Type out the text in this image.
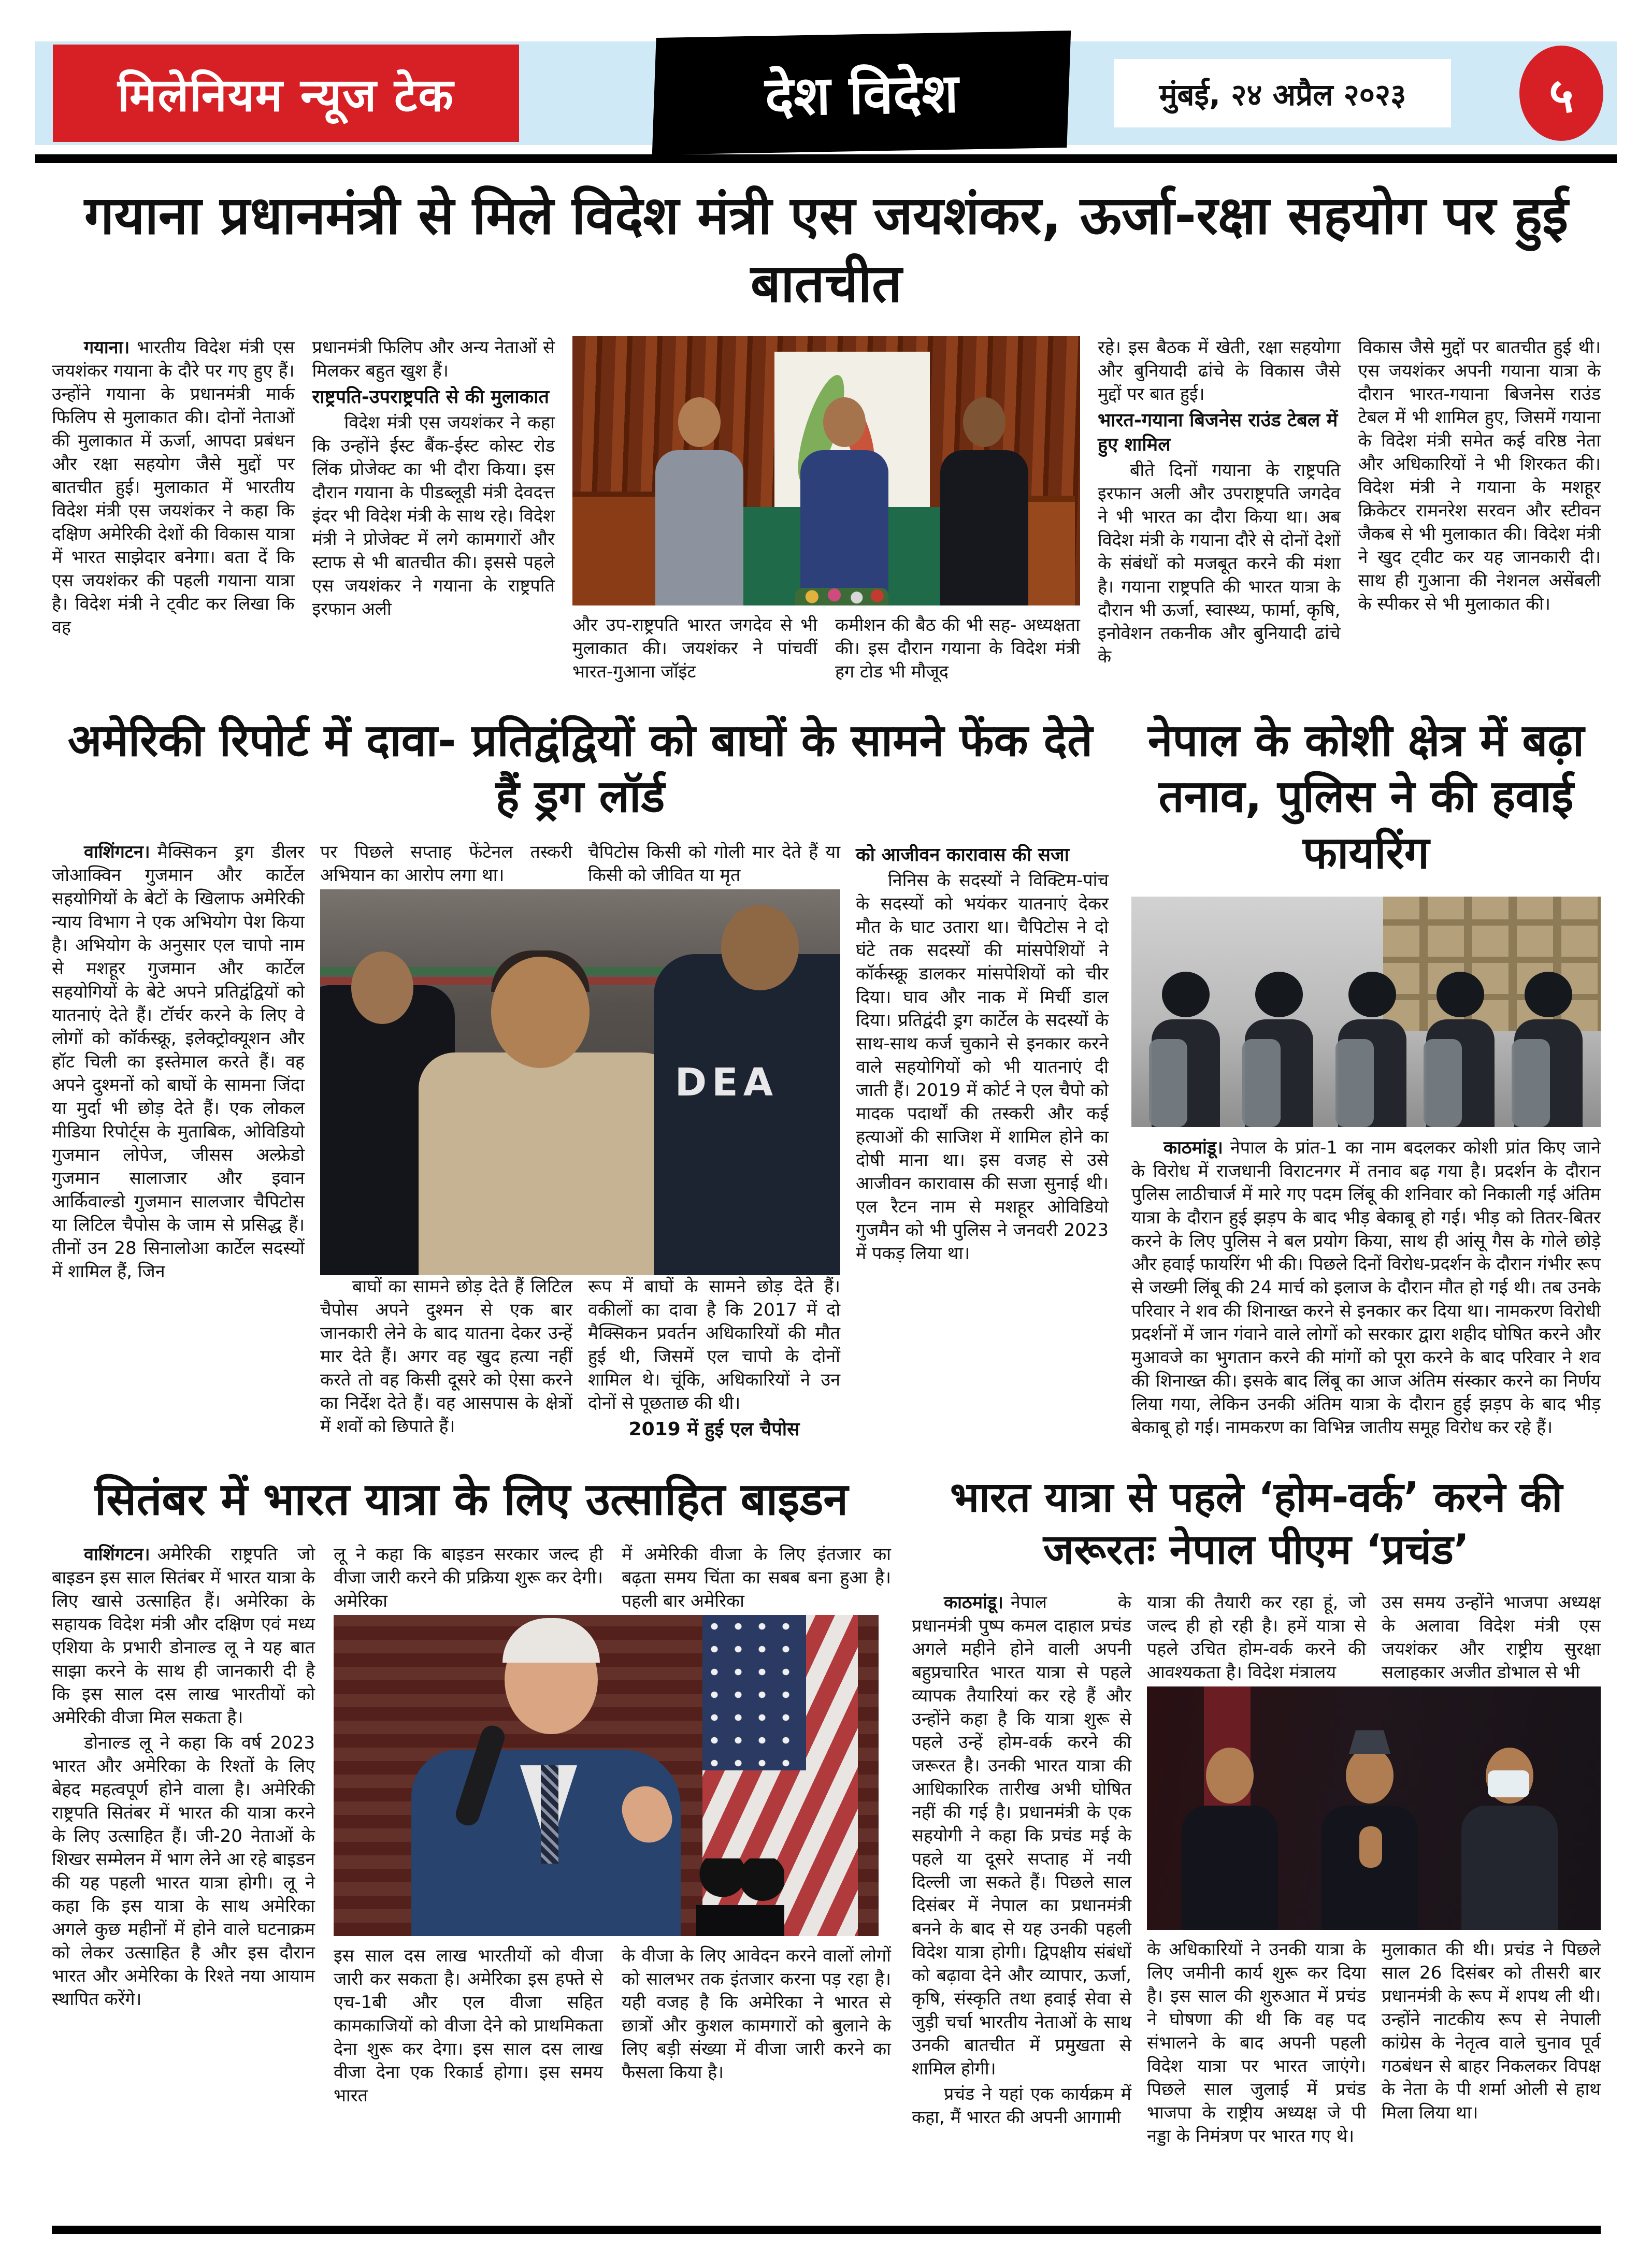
मिलेनियम न्यूज टेक	देश विदेश	मुंबई, २४ अप्रैल २०२३	५
गयाना प्रधानमंत्री से मिले विदेश मंत्री एस जयशंकर, ऊर्जा-रक्षा सहयोग पर हुई बातचीत

गयाना। भारतीय विदेश मंत्री एस जयशंकर गयाना के दौरे पर गए हुए हैं। उन्होंने गयाना के प्रधानमंत्री मार्क फिलिप से मुलाकात की। दोनों नेताओं की मुलाकात में ऊर्जा, आपदा प्रबंधन और रक्षा सहयोग जैसे मुद्दों पर बातचीत हुई। मुलाकात में भारतीय विदेश मंत्री एस जयशंकर ने कहा कि दक्षिण अमेरिकी देशों की विकास यात्रा में भारत साझेदार बनेगा। बता दें कि एस जयशंकर की पहली गयाना यात्रा है। विदेश मंत्री ने ट्वीट कर लिखा कि वह

प्रधानमंत्री फिलिप और अन्य नेताओं से मिलकर बहुत खुश हैं।

राष्ट्रपति-उपराष्ट्रपति से की मुलाकात

विदेश मंत्री एस जयशंकर ने कहा कि उन्होंने ईस्ट बैंक-ईस्ट कोस्ट रोड लिंक प्रोजेक्ट का भी दौरा किया। इस दौरान गयाना के पीडब्लूडी मंत्री देवदत्त इंदर भी विदेश मंत्री के साथ रहे। विदेश मंत्री ने प्रोजेक्ट में लगे कामगारों और स्टाफ से भी बातचीत की। इससे पहले एस जयशंकर ने गयाना के राष्ट्रपति इरफान अली

और उप-राष्ट्रपति भारत जगदेव से भी मुलाकात की। जयशंकर ने पांचवीं भारत-गुआना जॉइंट

कमीशन की बैठ की भी सह- अध्यक्षता की। इस दौरान गयाना के विदेश मंत्री हग टोड भी मौजूद

रहे। इस बैठक में खेती, रक्षा सहयोगा और बुनियादी ढांचे के विकास जैसे मुद्दों पर बात हुई।

भारत-गयाना बिजनेस राउंड टेबल में हुए शामिल

बीते दिनों गयाना के राष्ट्रपति इरफान अली और उपराष्ट्रपति जगदेव ने भी भारत का दौरा किया था। अब विदेश मंत्री के गयाना दौरे से दोनों देशों के संबंधों को मजबूत करने की मंशा है। गयाना राष्ट्रपति की भारत यात्रा के दौरान भी ऊर्जा, स्वास्थ्य, फार्मा, कृषि, इनोवेशन तकनीक और बुनियादी ढांचे के

विकास जैसे मुद्दों पर बातचीत हुई थी। एस जयशंकर अपनी गयाना यात्रा के दौरान भारत-गयाना बिजनेस राउंड टेबल में भी शामिल हुए, जिसमें गयाना के विदेश मंत्री समेत कई वरिष्ठ नेता और अधिकारियों ने भी शिरकत की। विदेश मंत्री ने गयाना के मशहूर क्रिकेटर रामनरेश सरवन और स्टीवन जैकब से भी मुलाकात की। विदेश मंत्री ने खुद ट्वीट कर यह जानकारी दी। साथ ही गुआना की नेशनल असेंबली के स्पीकर से भी मुलाकात की।

अमेरिकी रिपोर्ट में दावा- प्रतिद्वंद्वियों को बाघों के सामने फेंक देते हैं ड्रग लॉर्ड

वाशिंगटन। मैक्सिकन ड्रग डीलर जोआक्विन गुजमान और कार्टेल सहयोगियों के बेटों के खिलाफ अमेरिकी न्याय विभाग ने एक अभियोग पेश किया है। अभियोग के अनुसार एल चापो नाम से मशहूर गुजमान और कार्टेल सहयोगियों के बेटे अपने प्रतिद्वंद्वियों को यातनाएं देते हैं। टॉर्चर करने के लिए वे लोगों को कॉर्कस्क्रू, इलेक्ट्रोक्यूशन और हॉट चिली का इस्तेमाल करते हैं। वह अपने दुश्मनों को बाघों के सामना जिंदा या मुर्दा भी छोड़ देते हैं। एक लोकल मीडिया रिपोर्ट्स के मुताबिक, ओविडियो गुजमान लोपेज, जीसस अल्फ्रेडो गुजमान सालाजार और इवान आर्किवाल्डो गुजमान सालजार चैपिटोस या लिटिल चैपोस के जाम से प्रसिद्ध हैं। तीनों उन 28 सिनालोआ कार्टेल सदस्यों में शामिल हैं, जिन

पर पिछले सप्ताह फेंटेनल तस्करी अभियान का आरोप लगा था।

चैपिटोस किसी को गोली मार देते हैं या किसी को जीवित या मृत

DEA

बाघों का सामने छोड़ देते हैं लिटिल चैपोस अपने दुश्मन से एक बार जानकारी लेने के बाद यातना देकर उन्हें मार देते हैं। अगर वह खुद हत्या नहीं करते तो वह किसी दूसरे को ऐसा करने का निर्देश देते हैं। वह आसपास के क्षेत्रों में शवों को छिपाते हैं।

रूप में बाघों के सामने छोड़ देते हैं। वकीलों का दावा है कि 2017 में दो मैक्सिकन प्रवर्तन अधिकारियों की मौत हुई थी, जिसमें एल चापो के दोनों शामिल थे। चूंकि, अधिकारियों ने उन दोनों से पूछताछ की थी।

2019 में हुई एल चैपोस
को आजीवन कारावास की सजा

निनिस के सदस्यों ने विक्टिम-पांच के सदस्यों को भयंकर यातनाएं देकर मौत के घाट उतारा था। चैपिटोस ने दो घंटे तक सदस्यों की मांसपेशियों ने कॉर्कस्क्रू डालकर मांसपेशियों को चीर दिया। घाव और नाक में मिर्ची डाल दिया। प्रतिद्वंदी ड्रग कार्टेल के सदस्यों के साथ-साथ कर्ज चुकाने से इनकार करने वाले सहयोगियों को भी यातनाएं दी जाती हैं। 2019 में कोर्ट ने एल चैपो को मादक पदार्थों की तस्करी और कई हत्याओं की साजिश में शामिल होने का दोषी माना था। इस वजह से उसे आजीवन कारावास की सजा सुनाई थी। एल रैटन नाम से मशहूर ओविडियो गुजमैन को भी पुलिस ने जनवरी 2023 में पकड़ लिया था।

नेपाल के कोशी क्षेत्र में बढ़ा तनाव, पुलिस ने की हवाई फायरिंग

काठमांडू। नेपाल के प्रांत-1 का नाम बदलकर कोशी प्रांत किए जाने के विरोध में राजधानी विराटनगर में तनाव बढ़ गया है। प्रदर्शन के दौरान पुलिस लाठीचार्ज में मारे गए पदम लिंबू की शनिवार को निकाली गई अंतिम यात्रा के दौरान हुई झड़प के बाद भीड़ बेकाबू हो गई। भीड़ को तितर-बितर करने के लिए पुलिस ने बल प्रयोग किया, साथ ही आंसू गैस के गोले छोड़े और हवाई फायरिंग भी की। पिछले दिनों विरोध-प्रदर्शन के दौरान गंभीर रूप से जख्मी लिंबू की 24 मार्च को इलाज के दौरान मौत हो गई थी। तब उनके परिवार ने शव की शिनाख्त करने से इनकार कर दिया था। नामकरण विरोधी प्रदर्शनों में जान गंवाने वाले लोगों को सरकार द्वारा शहीद घोषित करने और मुआवजे का भुगतान करने की मांगों को पूरा करने के बाद परिवार ने शव की शिनाख्त की। इसके बाद लिंबू का आज अंतिम संस्कार करने का निर्णय लिया गया, लेकिन उनकी अंतिम यात्रा के दौरान हुई झड़प के बाद भीड़ बेकाबू हो गई। नामकरण का विभिन्न जातीय समूह विरोध कर रहे हैं।

सितंबर में भारत यात्रा के लिए उत्साहित बाइडन

वाशिंगटन। अमेरिकी राष्ट्रपति जो बाइडन इस साल सितंबर में भारत यात्रा के लिए खासे उत्साहित हैं। अमेरिका के सहायक विदेश मंत्री और दक्षिण एवं मध्य एशिया के प्रभारी डोनाल्ड लू ने यह बात साझा करने के साथ ही जानकारी दी है कि इस साल दस लाख भारतीयों को अमेरिकी वीजा मिल सकता है।

डोनाल्ड लू ने कहा कि वर्ष 2023 भारत और अमेरिका के रिश्तों के लिए बेहद महत्वपूर्ण होने वाला है। अमेरिकी राष्ट्रपति सितंबर में भारत की यात्रा करने के लिए उत्साहित हैं। जी-20 नेताओं के शिखर सम्मेलन में भाग लेने आ रहे बाइडन की यह पहली भारत यात्रा होगी। लू ने कहा कि इस यात्रा के साथ अमेरिका अगले कुछ महीनों में होने वाले घटनाक्रम को लेकर उत्साहित है और इस दौरान भारत और अमेरिका के रिश्ते नया आयाम स्थापित करेंगे।

लू ने कहा कि बाइडन सरकार जल्द ही वीजा जारी करने की प्रक्रिया शुरू कर देगी। अमेरिका

में अमेरिकी वीजा के लिए इंतजार का बढ़ता समय चिंता का सबब बना हुआ है। पहली बार अमेरिका

इस साल दस लाख भारतीयों को वीजा जारी कर सकता है। अमेरिका इस हफ्ते से एच-1बी और एल वीजा सहित कामकाजियों को वीजा देने को प्राथमिकता देना शुरू कर देगा। इस साल दस लाख वीजा देना एक रिकार्ड होगा। इस समय भारत

के वीजा के लिए आवेदन करने वालों लोगों को सालभर तक इंतजार करना पड़ रहा है। यही वजह है कि अमेरिका ने भारत से छात्रों और कुशल कामगारों को बुलाने के लिए बड़ी संख्या में वीजा जारी करने का फैसला किया है।

भारत यात्रा से पहले ‘होम-वर्क’ करने की जरूरतः नेपाल पीएम ‘प्रचंड’

काठमांडू। नेपाल के प्रधानमंत्री पुष्प कमल दाहाल प्रचंड अगले महीने होने वाली अपनी बहुप्रचारित भारत यात्रा से पहले व्यापक तैयारियां कर रहे हैं और उन्होंने कहा है कि यात्रा शुरू से पहले उन्हें होम-वर्क करने की जरूरत है। उनकी भारत यात्रा की आधिकारिक तारीख अभी घोषित नहीं की गई है। प्रधानमंत्री के एक सहयोगी ने कहा कि प्रचंड मई के पहले या दूसरे सप्ताह में नयी दिल्ली जा सकते हैं। पिछले साल दिसंबर में नेपाल का प्रधानमंत्री बनने के बाद से यह उनकी पहली विदेश यात्रा होगी। द्विपक्षीय संबंधों को बढ़ावा देने और व्यापार, ऊर्जा, कृषि, संस्कृति तथा हवाई सेवा से जुड़ी चर्चा भारतीय नेताओं के साथ उनकी बातचीत में प्रमुखता से शामिल होगी।

प्रचंड ने यहां एक कार्यक्रम में कहा, मैं भारत की अपनी आगामी

यात्रा की तैयारी कर रहा हूं, जो जल्द ही हो रही है। हमें यात्रा से पहले उचित होम-वर्क करने की आवश्यकता है। विदेश मंत्रालय

उस समय उन्होंने भाजपा अध्यक्ष के अलावा विदेश मंत्री एस जयशंकर और राष्ट्रीय सुरक्षा सलाहकार अजीत डोभाल से भी

के अधिकारियों ने उनकी यात्रा के लिए जमीनी कार्य शुरू कर दिया है। इस साल की शुरुआत में प्रचंड ने घोषणा की थी कि वह पद संभालने के बाद अपनी पहली विदेश यात्रा पर भारत जाएंगे। पिछले साल जुलाई में प्रचंड भाजपा के राष्ट्रीय अध्यक्ष जे पी नड्डा के निमंत्रण पर भारत गए थे।

मुलाकात की थी। प्रचंड ने पिछले साल 26 दिसंबर को तीसरी बार प्रधानमंत्री के रूप में शपथ ली थी। उन्होंने नाटकीय रूप से नेपाली कांग्रेस के नेतृत्व वाले चुनाव पूर्व गठबंधन से बाहर निकलकर विपक्ष के नेता के पी शर्मा ओली से हाथ मिला लिया था।
